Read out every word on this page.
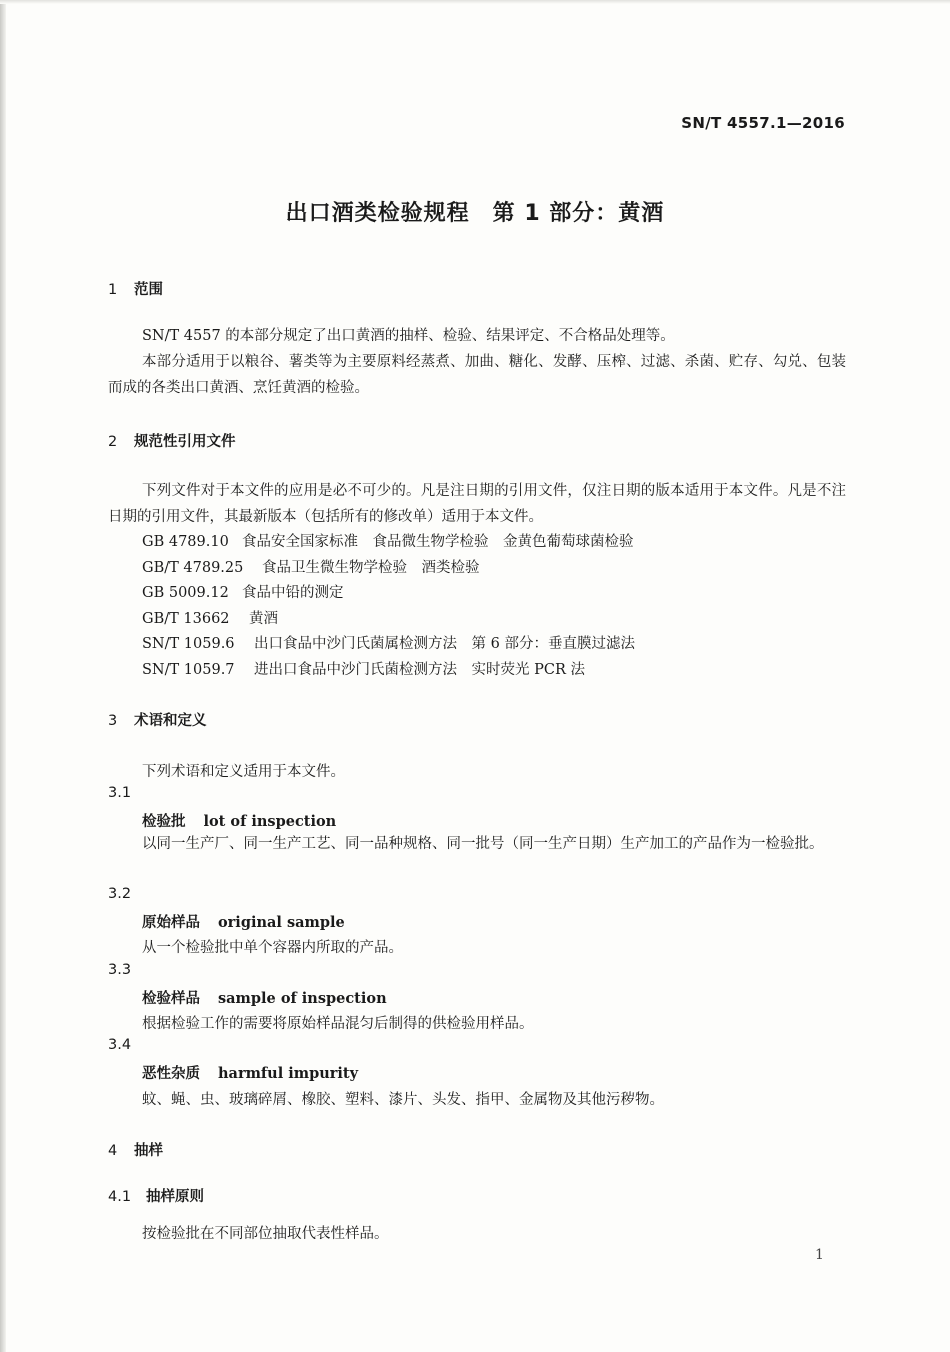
SN/T 4557.1—2016
出口酒类检验规程　第 1 部分：黄酒
1 范围
SN/T 4557 的本部分规定了出口黄酒的抽样、检验、结果评定、不合格品处理等。
本部分适用于以粮谷、薯类等为主要原料经蒸煮、加曲、糖化、发酵、压榨、过滤、杀菌、贮存、勾兑、包装而成的各类出口黄酒、烹饪黄酒的检验。
2 规范性引用文件
下列文件对于本文件的应用是必不可少的。凡是注日期的引用文件，仅注日期的版本适用于本文件。凡是不注日期的引用文件，其最新版本（包括所有的修改单）适用于本文件。
GB 4789.10 食品安全国家标准　食品微生物学检验　金黄色葡萄球菌检验
GB/T 4789.25 食品卫生微生物学检验　酒类检验
GB 5009.12 食品中铅的测定
GB/T 13662 黄酒
SN/T 1059.6 出口食品中沙门氏菌属检测方法　第 6 部分：垂直膜过滤法
SN/T 1059.7 进出口食品中沙门氏菌检测方法　实时荧光 PCR 法
3 术语和定义
下列术语和定义适用于本文件。
3.1
检验批 lot of inspection
以同一生产厂、同一生产工艺、同一品种规格、同一批号（同一生产日期）生产加工的产品作为一检验批。
3.2
原始样品 original sample
从一个检验批中单个容器内所取的产品。
3.3
检验样品 sample of inspection
根据检验工作的需要将原始样品混匀后制得的供检验用样品。
3.4
恶性杂质 harmful impurity
蚊、蝇、虫、玻璃碎屑、橡胶、塑料、漆片、头发、指甲、金属物及其他污秽物。
4 抽样
4.1 抽样原则
按检验批在不同部位抽取代表性样品。
1
